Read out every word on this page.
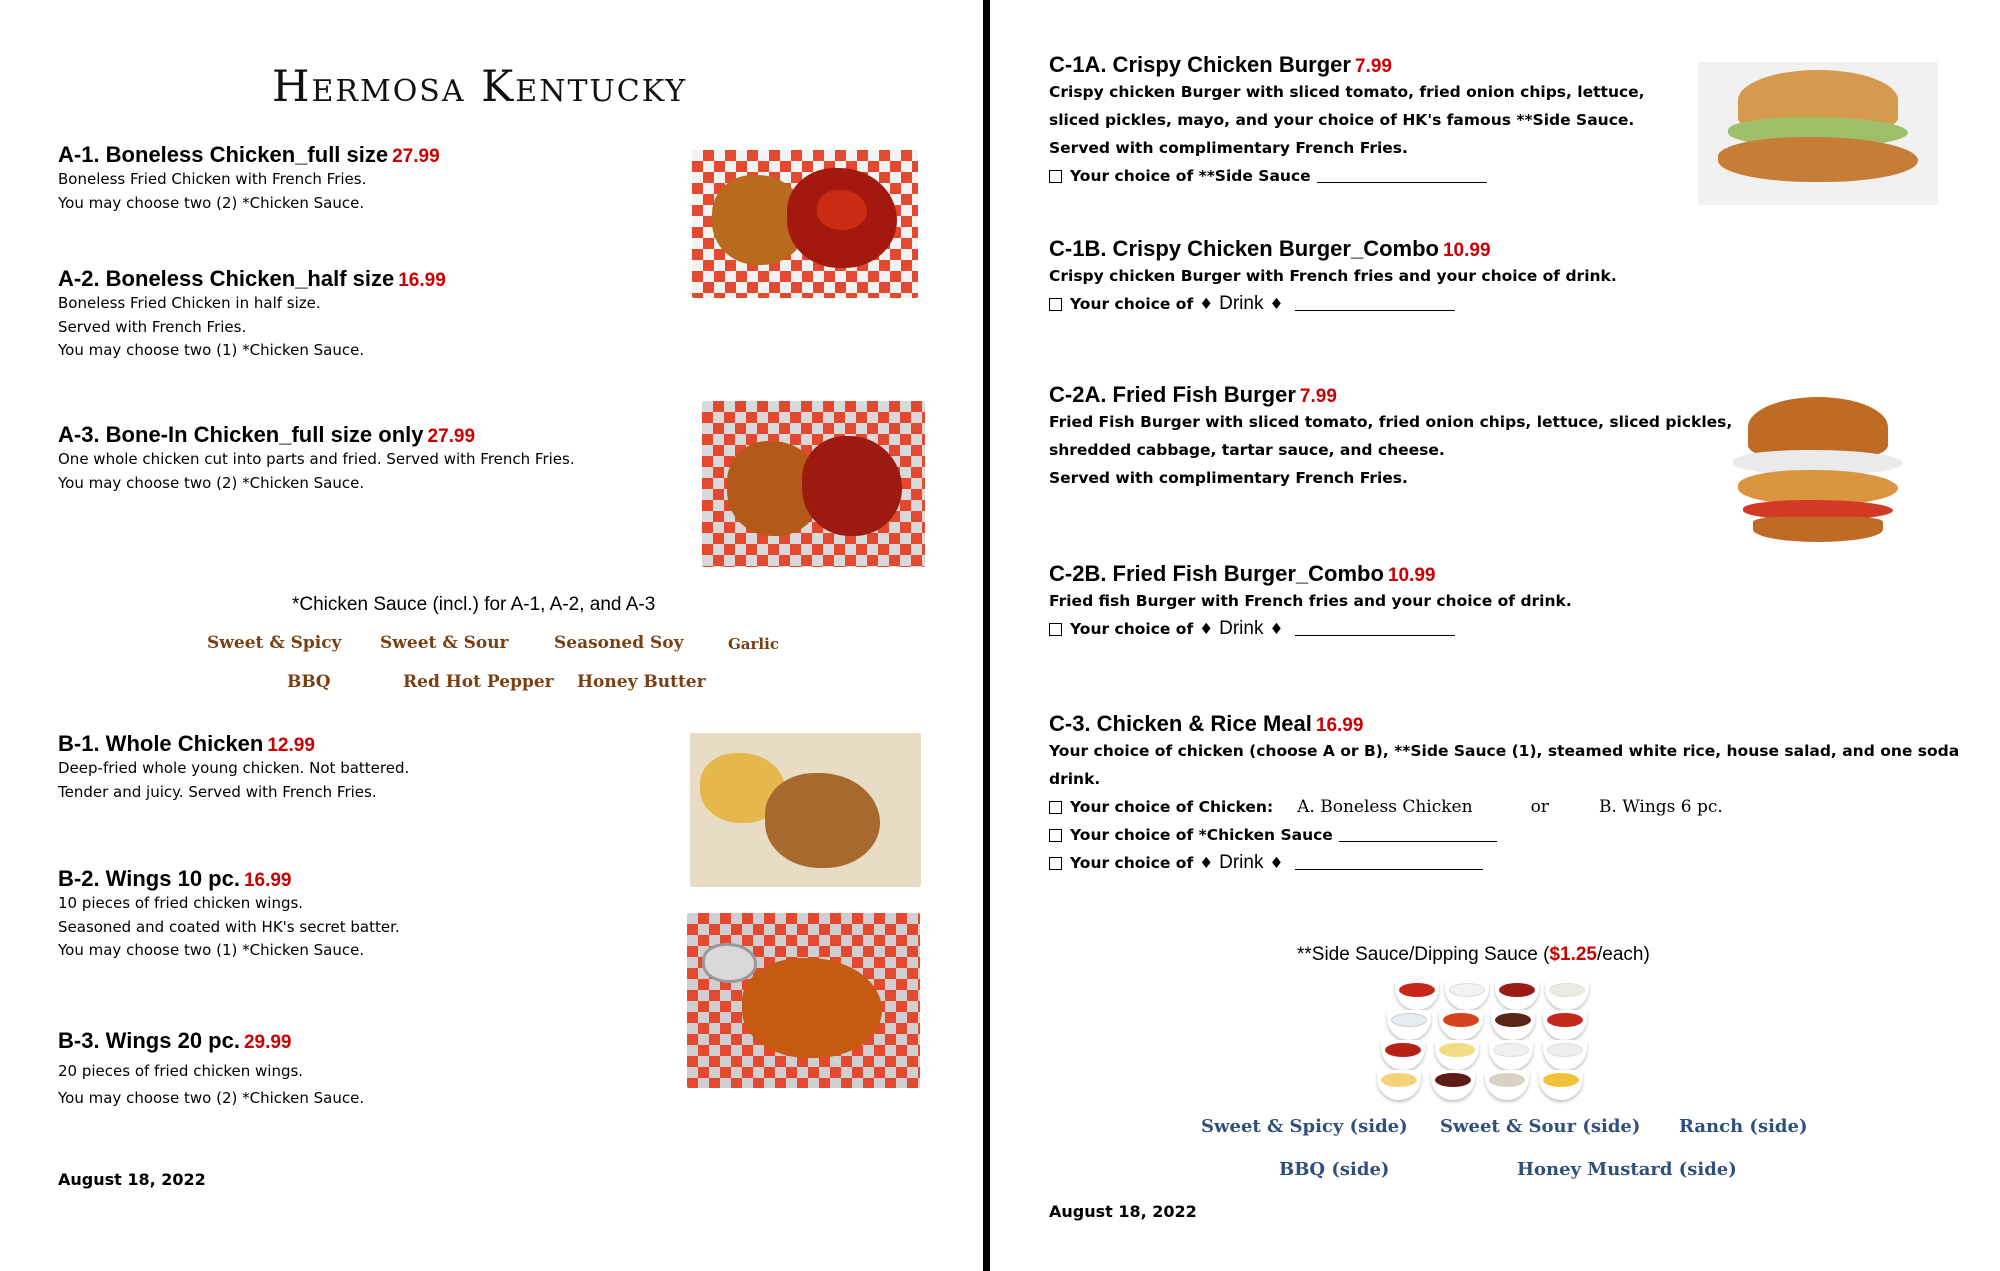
Hermosa Kentucky
A-1. Boneless Chicken_full size 27.99
Boneless Fried Chicken with French Fries.
You may choose two (2) *Chicken Sauce.
A-2. Boneless Chicken_half size 16.99
Boneless Fried Chicken in half size.
Served with French Fries.
You may choose two (1) *Chicken Sauce.
A-3. Bone-In Chicken_full size only 27.99
One whole chicken cut into parts and fried. Served with French Fries.
You may choose two (2) *Chicken Sauce.
*Chicken Sauce (incl.) for A-1, A-2, and A-3
Sweet & Spicy Sweet & Sour	Seasoned Soy	Garlic
BBQ	Red Hot Pepper Honey Butter
B-1. Whole Chicken 12.99
Deep-fried whole young chicken. Not battered.
Tender and juicy. Served with French Fries.
B-2. Wings 10 pc. 16.99
10 pieces of fried chicken wings.
Seasoned and coated with HK's secret batter.
You may choose two (1) *Chicken Sauce.
B-3. Wings 20 pc. 29.99
20 pieces of fried chicken wings.
You may choose two (2) *Chicken Sauce.
August 18, 2022
C-1A. Crispy Chicken Burger 7.99
Crispy chicken Burger with sliced tomato, fried onion chips, lettuce,
sliced pickles, mayo, and your choice of HK's famous **Side Sauce.
Served with complimentary French Fries.
Your choice of **Side Sauce
C-1B. Crispy Chicken Burger_Combo 10.99
Crispy chicken Burger with French fries and your choice of drink.
Your choice of ♦ Drink ♦
C-2A. Fried Fish Burger 7.99
Fried Fish Burger with sliced tomato, fried onion chips, lettuce, sliced pickles,
shredded cabbage, tartar sauce, and cheese.
Served with complimentary French Fries.
C-2B. Fried Fish Burger_Combo 10.99
Fried fish Burger with French fries and your choice of drink.
Your choice of ♦ Drink ♦
C-3. Chicken & Rice Meal 16.99
Your choice of chicken (choose A or B), **Side Sauce (1), steamed white rice, house salad, and one soda
drink.
Your choice of Chicken: A. Boneless Chicken	or	B. Wings 6 pc.
Your choice of *Chicken Sauce
Your choice of ♦ Drink ♦
**Side Sauce/Dipping Sauce ($1.25/each)
Sweet & Spicy (side) Sweet & Sour (side) Ranch (side)
BBQ (side)	Honey Mustard (side)
August 18, 2022
